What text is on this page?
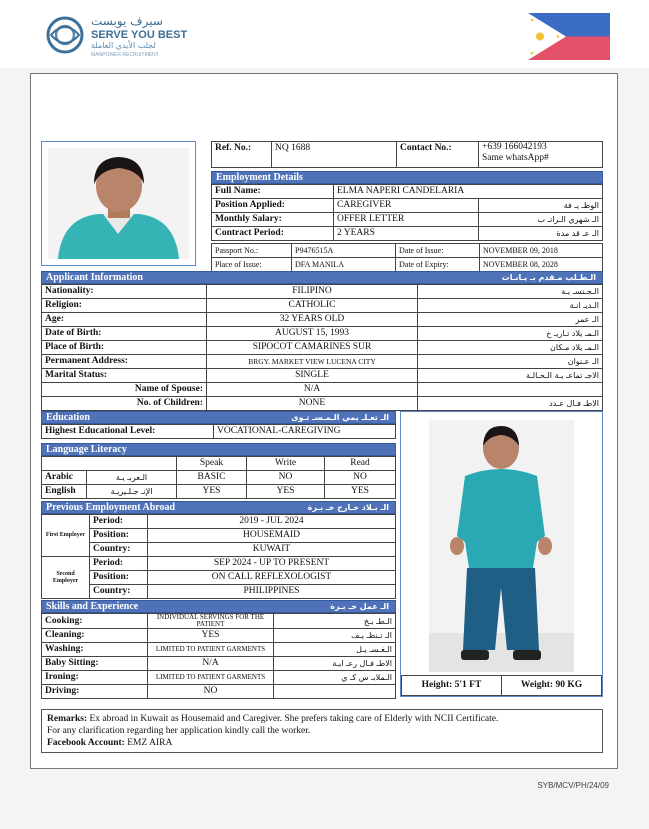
سيرف يوبست
SERVE YOU BEST
لجلب الأيدي العاملة
MANPOWER RECRUITMENT
Ref. No.:	NQ 1688	Contact No.:	+639 166042193
Same whatsApp#
Employment Details
Full Name:	ELMA NAPERI CANDELARIA	
Position Applied:	CAREGIVER	الوظـ يـ فة
Monthly Salary:	OFFER LETTER	الـ شهري الـراتـ ب
Contract Period:	2 YEARS	الـ عـ قد مدة
Passport No.:	P9476515A	Date of Issue:	NOVEMBER 09, 2018
Place of Issue:	DFA MANILA	Date of Expiry:	NOVEMBER 08, 2028
Applicant Information	الـطـلب مـقدم بـ يـانـات
Nationality:	FILIPINO	الـجـنسـ يـة
Religion:	CATHOLIC	الـديـ انـة
Age:	32 YEARS OLD	الـ عمر
Date of Birth:	AUGUST 15, 1993	الـمـ يلاد تـاريـ خ
Place of Birth:	SIPOCOT CAMARINES SUR	الـمـ يلاد مـكان
Permanent Address:	BRGY. MARKET VIEW LUCENA CITY	الـ عـنوان
Marital Status:	SINGLE	الاجـ تماعـ يـة الـحـالـة
Name of Spouse:	N/A	
No. of Children:	NONE	الاطـ فـال عـدد
Education	الـ تعـلـ يمي الـمـسـ تـوى
Highest Educational Level:	VOCATIONAL-CAREGIVING
Language Literacy
		Speak	Write	Read
Arabic	الـعربـ يـة	BASIC	NO	NO
English	الإنـ جـلـيزيـة	YES	YES	YES
Previous Employment Abroad	الـ بـلاد خـارج خـ بـرة
First Employer	Period:	2019 - JUL 2024
	Position:	HOUSEMAID
	Country:	KUWAIT
Second Employer	Period:	SEP 2024 - UP TO PRESENT
	Position:	ON CALL REFLEXOLOGIST
	Country:	PHILIPPINES
Skills and Experience	الـ عمل خـ بـرة
Cooking:	INDIVIDUAL SERVINGS FOR THE PATIENT	الـطـ بـخ
Cleaning:	YES	الـ تـنظـ يـف
Washing:	LIMITED TO PATIENT GARMENTS	الـغـسـ يـل
Baby Sitting:	N/A	الاطـ فـال رعـ ايـة
Ironing:	LIMITED TO PATIENT GARMENTS	الـملابـ س كـ ي
Driving:	NO	
Height: 5'1 FT	Weight: 90 KG
Remarks: Ex abroad in Kuwait as Housemaid and Caregiver. She prefers taking care of Elderly with NCII Certificate.
For any clarification regarding her application kindly call the worker.
Facebook Account: EMZ AIRA
SYB/MCV/PH/24/09
